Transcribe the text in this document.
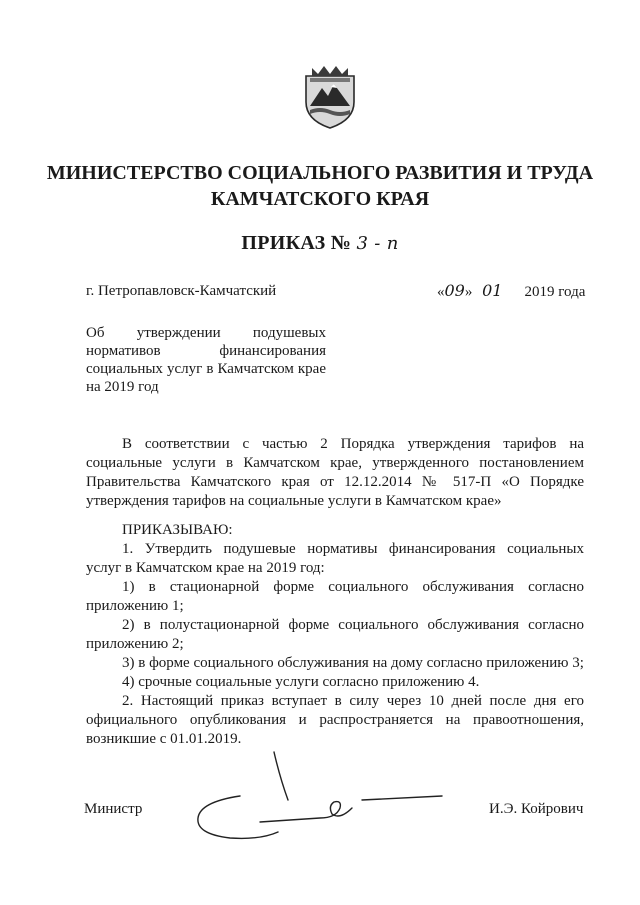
МИНИСТЕРСТВО СОЦИАЛЬНОГО РАЗВИТИЯ И ТРУДА
КАМЧАТСКОГО КРАЯ
ПРИКАЗ № 3 - п
г. Петропавловск-Камчатский	«09» 01 2019 года
Об утверждении подушевых нормативов финансирования социальных услуг в Камчатском крае на 2019 год

В соответствии с частью 2 Порядка утверждения тарифов на социальные услуги в Камчатском крае, утвержденного постановлением Правительства Камчатского края от 12.12.2014 № 517-П «О Порядке утверждения тарифов на социальные услуги в Камчатском крае»

ПРИКАЗЫВАЮ:

1. Утвердить подушевые нормативы финансирования социальных услуг в Камчатском крае на 2019 год:

1) в стационарной форме социального обслуживания согласно приложению 1;

2) в полустационарной форме социального обслуживания согласно приложению 2;

3) в форме социального обслуживания на дому согласно приложению 3;

4) срочные социальные услуги согласно приложению 4.

2. Настоящий приказ вступает в силу через 10 дней после дня его официального опубликования и распространяется на правоотношения, возникшие с 01.01.2019.

Министр	И.Э. Койрович
